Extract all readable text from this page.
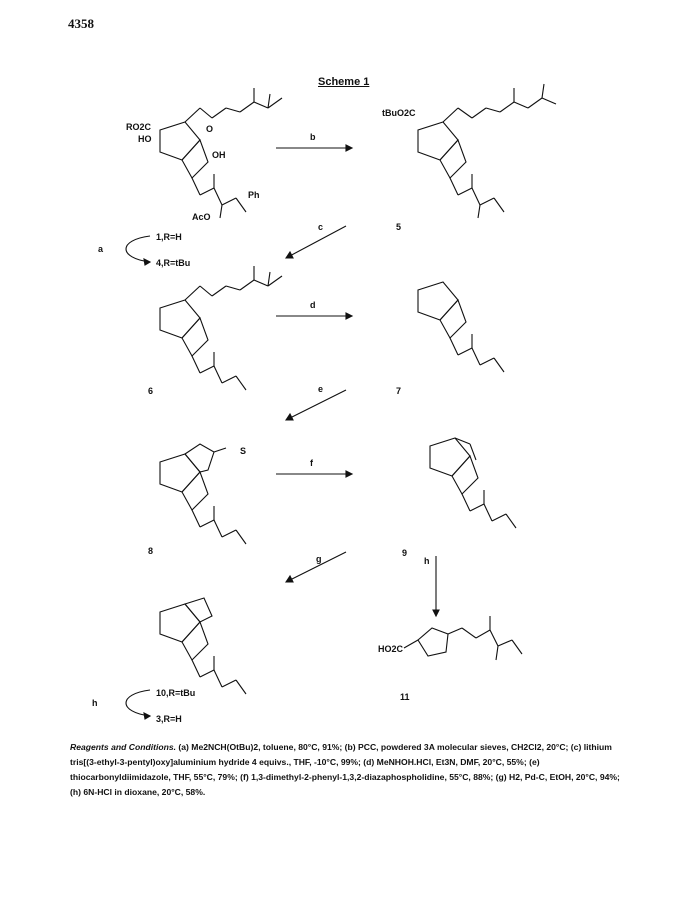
4358
Scheme 1
b
a
c
d
e
f
g	h
h
1,R=H
4,R=tBu
5
6	7
8	9
10,R=tBu
3,R=H
11
RO2C
HO
OH
AcO
Ph
O
tBuO2C
S
HO2C
Reagents and Conditions. (a) Me2NCH(OtBu)2, toluene, 80°C, 91%; (b) PCC, powdered 3A molecular sieves, CH2Cl2, 20°C; (c) lithium tris[(3-ethyl-3-pentyl)oxy]aluminium hydride 4 equivs., THF, -10°C, 99%; (d) MeNHOH.HCl, Et3N, DMF, 20°C, 55%; (e) thiocarbonyldiimidazole, THF, 55°C, 79%; (f) 1,3-dimethyl-2-phenyl-1,3,2-diazaphospholidine, 55°C, 88%; (g) H2, Pd-C, EtOH, 20°C, 94%; (h) 6N-HCl in dioxane, 20°C, 58%.
